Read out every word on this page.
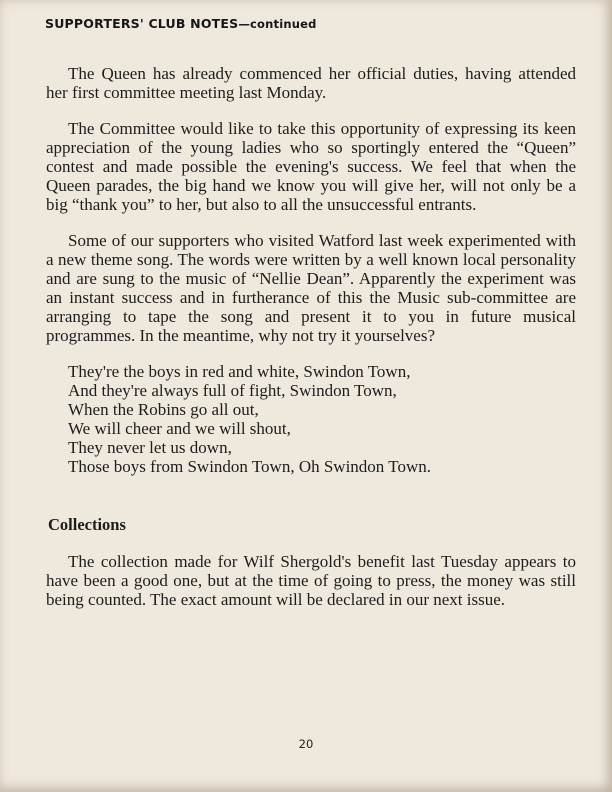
SUPPORTERS' CLUB NOTES—continued

The Queen has already commenced her official duties, having attended her first committee meeting last Monday.

The Committee would like to take this opportunity of expressing its keen appreciation of the young ladies who so sportingly entered the “Queen” contest and made possible the evening's success. We feel that when the Queen parades, the big hand we know you will give her, will not only be a big “thank you” to her, but also to all the unsuccessful entrants.

Some of our supporters who visited Watford last week experimented with a new theme song. The words were written by a well known local personality and are sung to the music of “Nellie Dean”. Apparently the experiment was an instant success and in furtherance of this the Music sub-committee are arranging to tape the song and present it to you in future musical programmes. In the meantime, why not try it yourselves?

They're the boys in red and white, Swindon Town,
And they're always full of fight, Swindon Town,
When the Robins go all out,
We will cheer and we will shout,
They never let us down,
Those boys from Swindon Town, Oh Swindon Town.
Collections

The collection made for Wilf Shergold's benefit last Tuesday appears to have been a good one, but at the time of going to press, the money was still being counted. The exact amount will be declared in our next issue.

20
